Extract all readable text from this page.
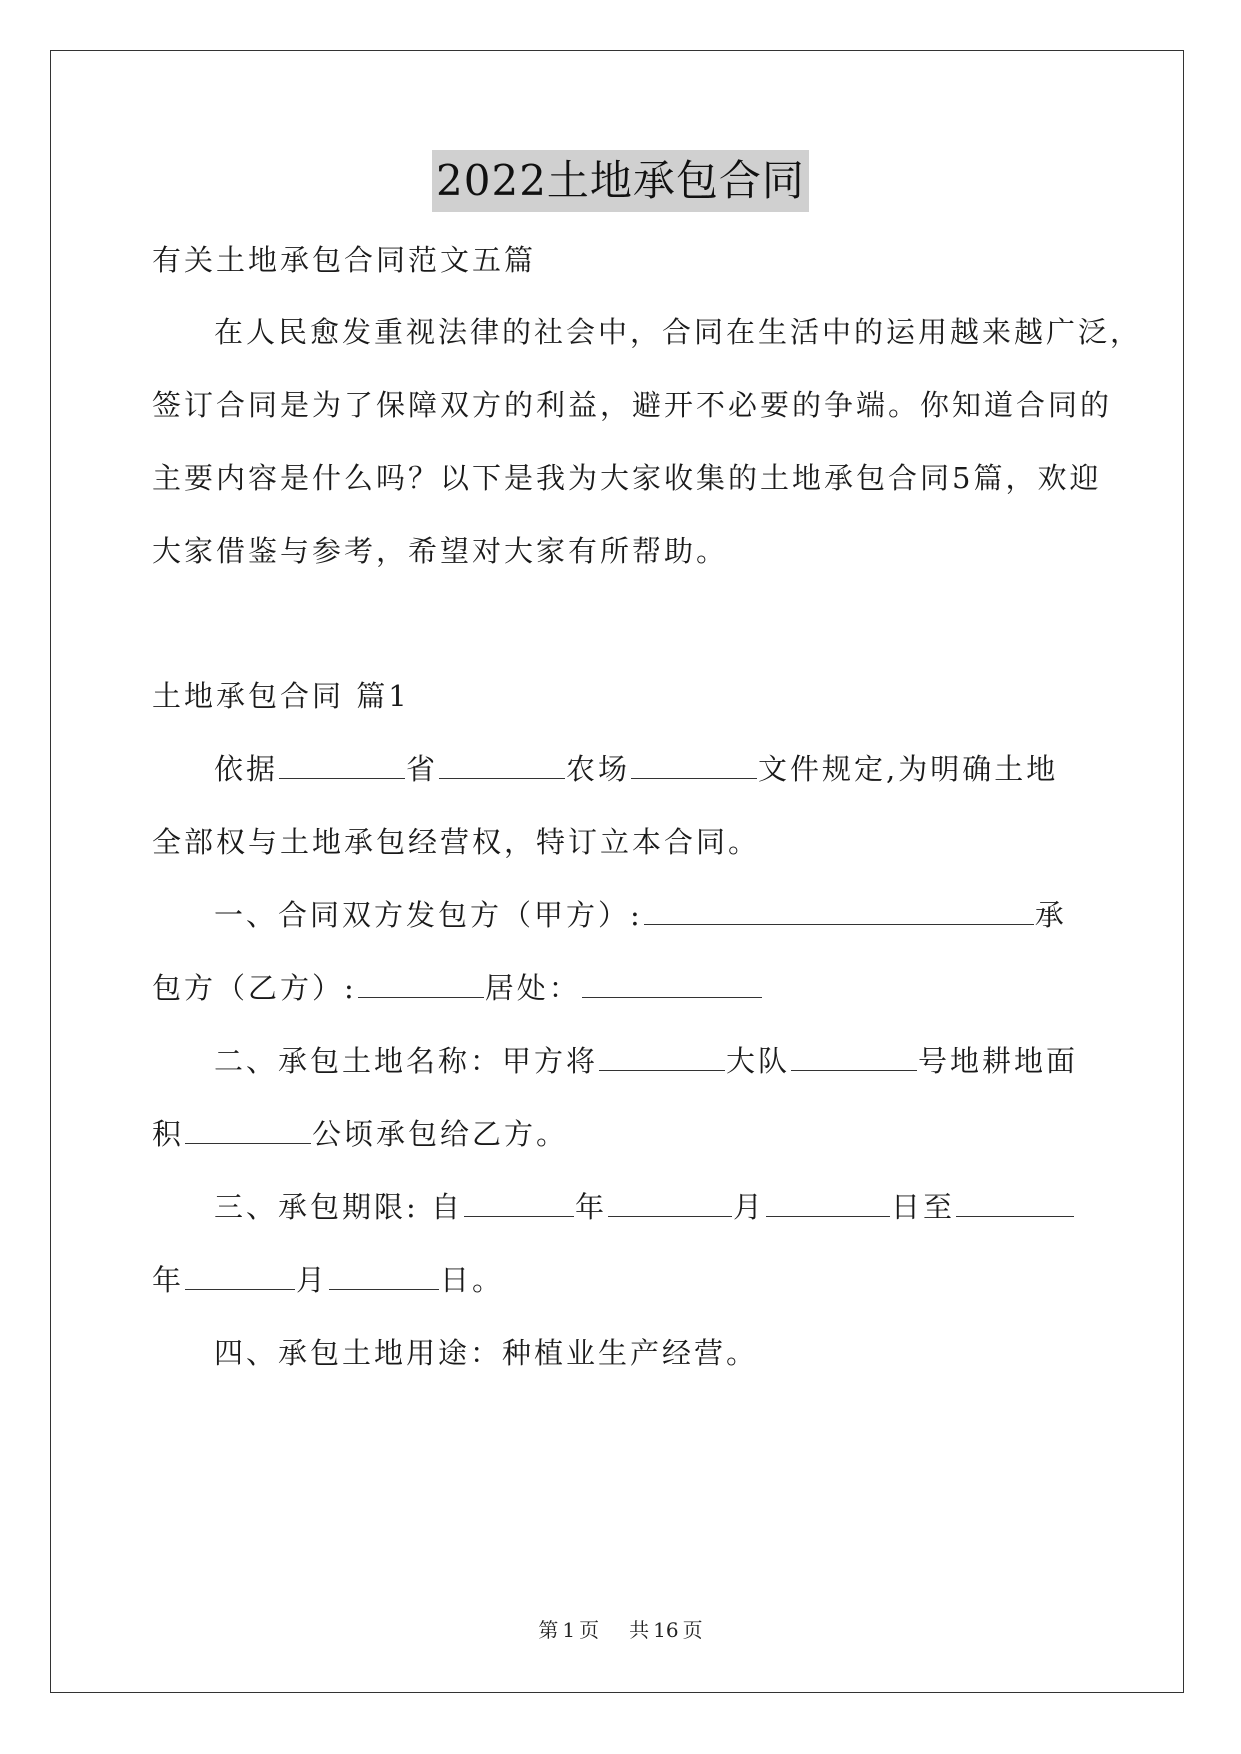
2022土地承包合同
有关土地承包合同范文五篇
在人民愈发重视法律的社会中，合同在生活中的运用越来越广泛，
签订合同是为了保障双方的利益，避开不必要的争端。你知道合同的
主要内容是什么吗？以下是我为大家收集的土地承包合同5篇，欢迎
大家借鉴与参考，希望对大家有所帮助。
土地承包合同 篇1
依据	省	农场	文件规定,为明确土地
全部权与土地承包经营权，特订立本合同。
一、合同双方发包方（甲方）:	承
包方（乙方）:	居处：
二、承包土地名称：甲方将	大队	号地耕地面
积	公顷承包给乙方。
三、承包期限: 自	年	月	日至
年	月	日。
四、承包土地用途：种植业生产经营。
第 1 页 共 16 页
